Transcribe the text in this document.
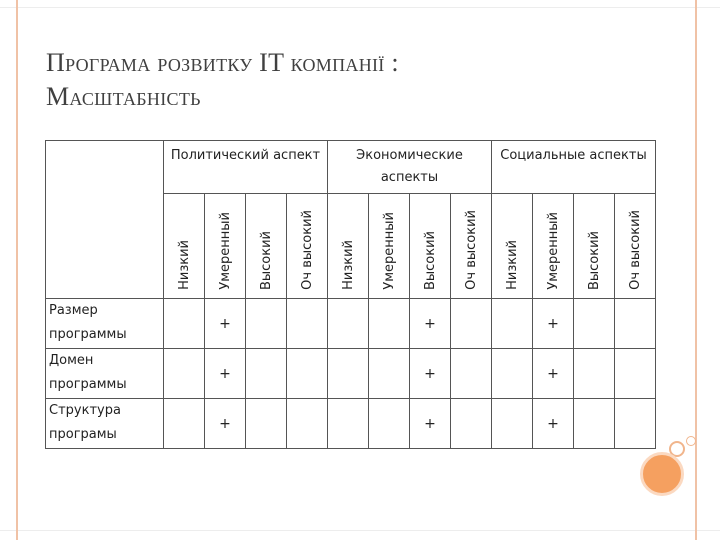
Програма розвитку IT компанії :
Масштабність
	Политический аспект				Экономические аспекты				Социальные аспекты			
	Низкий	Умеренный	Высокий	Оч высокий	Низкий	Умеренный	Высокий	Оч высокий	Низкий	Умеренный	Высокий	Оч высокий
Размер программы		+					+			+		
Домен программы		+					+			+		
Структура програмы		+					+			+		
